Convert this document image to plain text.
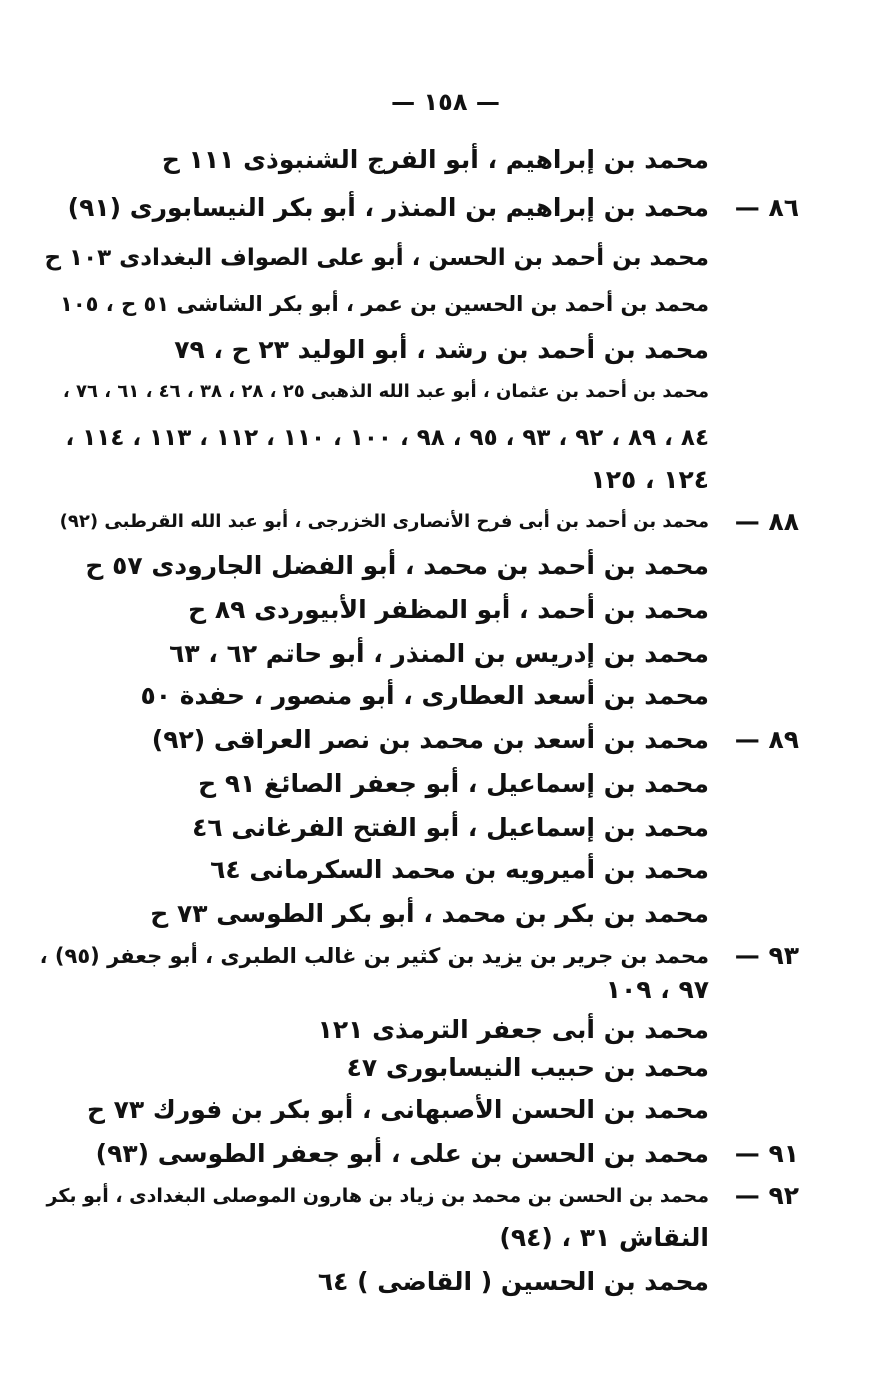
— ١٥٨ —
محمد بن إبراهيم ، أبو الفرج الشنبوذى ١١١ ح
٨٦ —
محمد بن إبراهيم بن المنذر ، أبو بكر النيسابورى (٩١)
محمد بن أحمد بن الحسن ، أبو على الصواف البغدادى ١٠٣ ح
محمد بن أحمد بن الحسين بن عمر ، أبو بكر الشاشى ٥١ ح ، ١٠٥
محمد بن أحمد بن رشد ، أبو الوليد ٢٣ ح ، ٧٩
محمد بن أحمد بن عثمان ، أبو عبد الله الذهبى ٢٥ ، ٢٨ ، ٣٨ ، ٤٦ ، ٦١ ، ٧٦ ،
٨٤ ، ٨٩ ، ٩٢ ، ٩٣ ، ٩٥ ، ٩٨ ، ١٠٠ ، ١١٠ ، ١١٢ ، ١١٣ ، ١١٤ ،
١٢٤ ، ١٢٥
٨٨ —
محمد بن أحمد بن أبى فرح الأنصارى الخزرجى ، أبو عبد الله القرطبى (٩٢)
محمد بن أحمد بن محمد ، أبو الفضل الجارودى ٥٧ ح
محمد بن أحمد ، أبو المظفر الأبيوردى ٨٩ ح
محمد بن إدريس بن المنذر ، أبو حاتم ٦٢ ، ٦٣
محمد بن أسعد العطارى ، أبو منصور ، حفدة ٥٠
٨٩ —
محمد بن أسعد بن محمد بن نصر العراقى (٩٢)
محمد بن إسماعيل ، أبو جعفر الصائغ ٩١ ح
محمد بن إسماعيل ، أبو الفتح الفرغانى ٤٦
محمد بن أميرويه بن محمد السكرمانى ٦٤
محمد بن بكر بن محمد ، أبو بكر الطوسى ٧٣ ح
٩٣ —
محمد بن جرير بن يزيد بن كثير بن غالب الطبرى ، أبو جعفر (٩٥) ،
٩٧ ، ١٠٩
محمد بن أبى جعفر الترمذى ١٢١
محمد بن حبيب النيسابورى ٤٧
محمد بن الحسن الأصبهانى ، أبو بكر بن فورك ٧٣ ح
٩١ —
محمد بن الحسن بن على ، أبو جعفر الطوسى (٩٣)
٩٢ —
محمد بن الحسن بن محمد بن زياد بن هارون الموصلى البغدادى ، أبو بكر
النقاش ٣١ ، (٩٤)
محمد بن الحسين ( القاضى ) ٦٤
